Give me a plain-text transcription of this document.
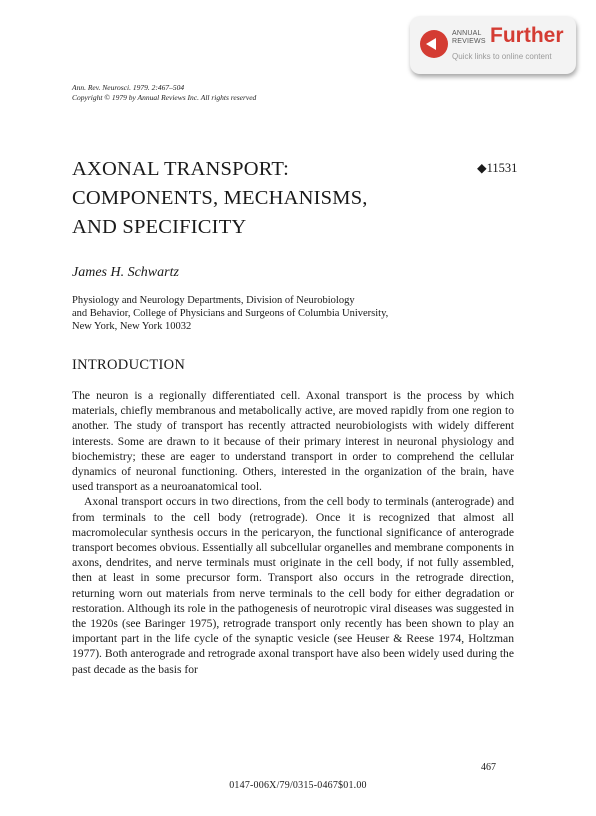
ANNUAL
REVIEWS Further
Quick links to online content
Ann. Rev. Neurosci. 1979. 2:467–504
Copyright © 1979 by Annual Reviews Inc. All rights reserved
AXONAL TRANSPORT:
COMPONENTS, MECHANISMS,
AND SPECIFICITY
◆11531
James H. Schwartz
Physiology and Neurology Departments, Division of Neurobiology
and Behavior, College of Physicians and Surgeons of Columbia University,
New York, New York 10032
INTRODUCTION

The neuron is a regionally differentiated cell. Axonal transport is the process by which materials, chiefly membranous and metabolically active, are moved rapidly from one region to another. The study of transport has recently attracted neurobiologists with widely different interests. Some are drawn to it because of their primary interest in neuronal physiology and biochemistry; these are eager to understand transport in order to comprehend the cellular dynamics of neuronal functioning. Others, interested in the organization of the brain, have used transport as a neuroanatomical tool.

Axonal transport occurs in two directions, from the cell body to terminals (anterograde) and from terminals to the cell body (retrograde). Once it is recognized that almost all macromolecular synthesis occurs in the pericaryon, the functional significance of anterograde transport becomes obvious. Essentially all subcellular organelles and membrane components in axons, dendrites, and nerve terminals must originate in the cell body, if not fully assembled, then at least in some precursor form. Transport also occurs in the retrograde direction, returning worn out materials from nerve terminals to the cell body for either degradation or restoration. Although its role in the pathogenesis of neurotropic viral diseases was suggested in the 1920s (see Baringer 1975), retrograde transport only recently has been shown to play an important part in the life cycle of the synaptic vesicle (see Heuser & Reese 1974, Holtzman 1977). Both anterograde and retrograde axonal transport have also been widely used during the past decade as the basis for

467
0147-006X/79/0315-0467$01.00
